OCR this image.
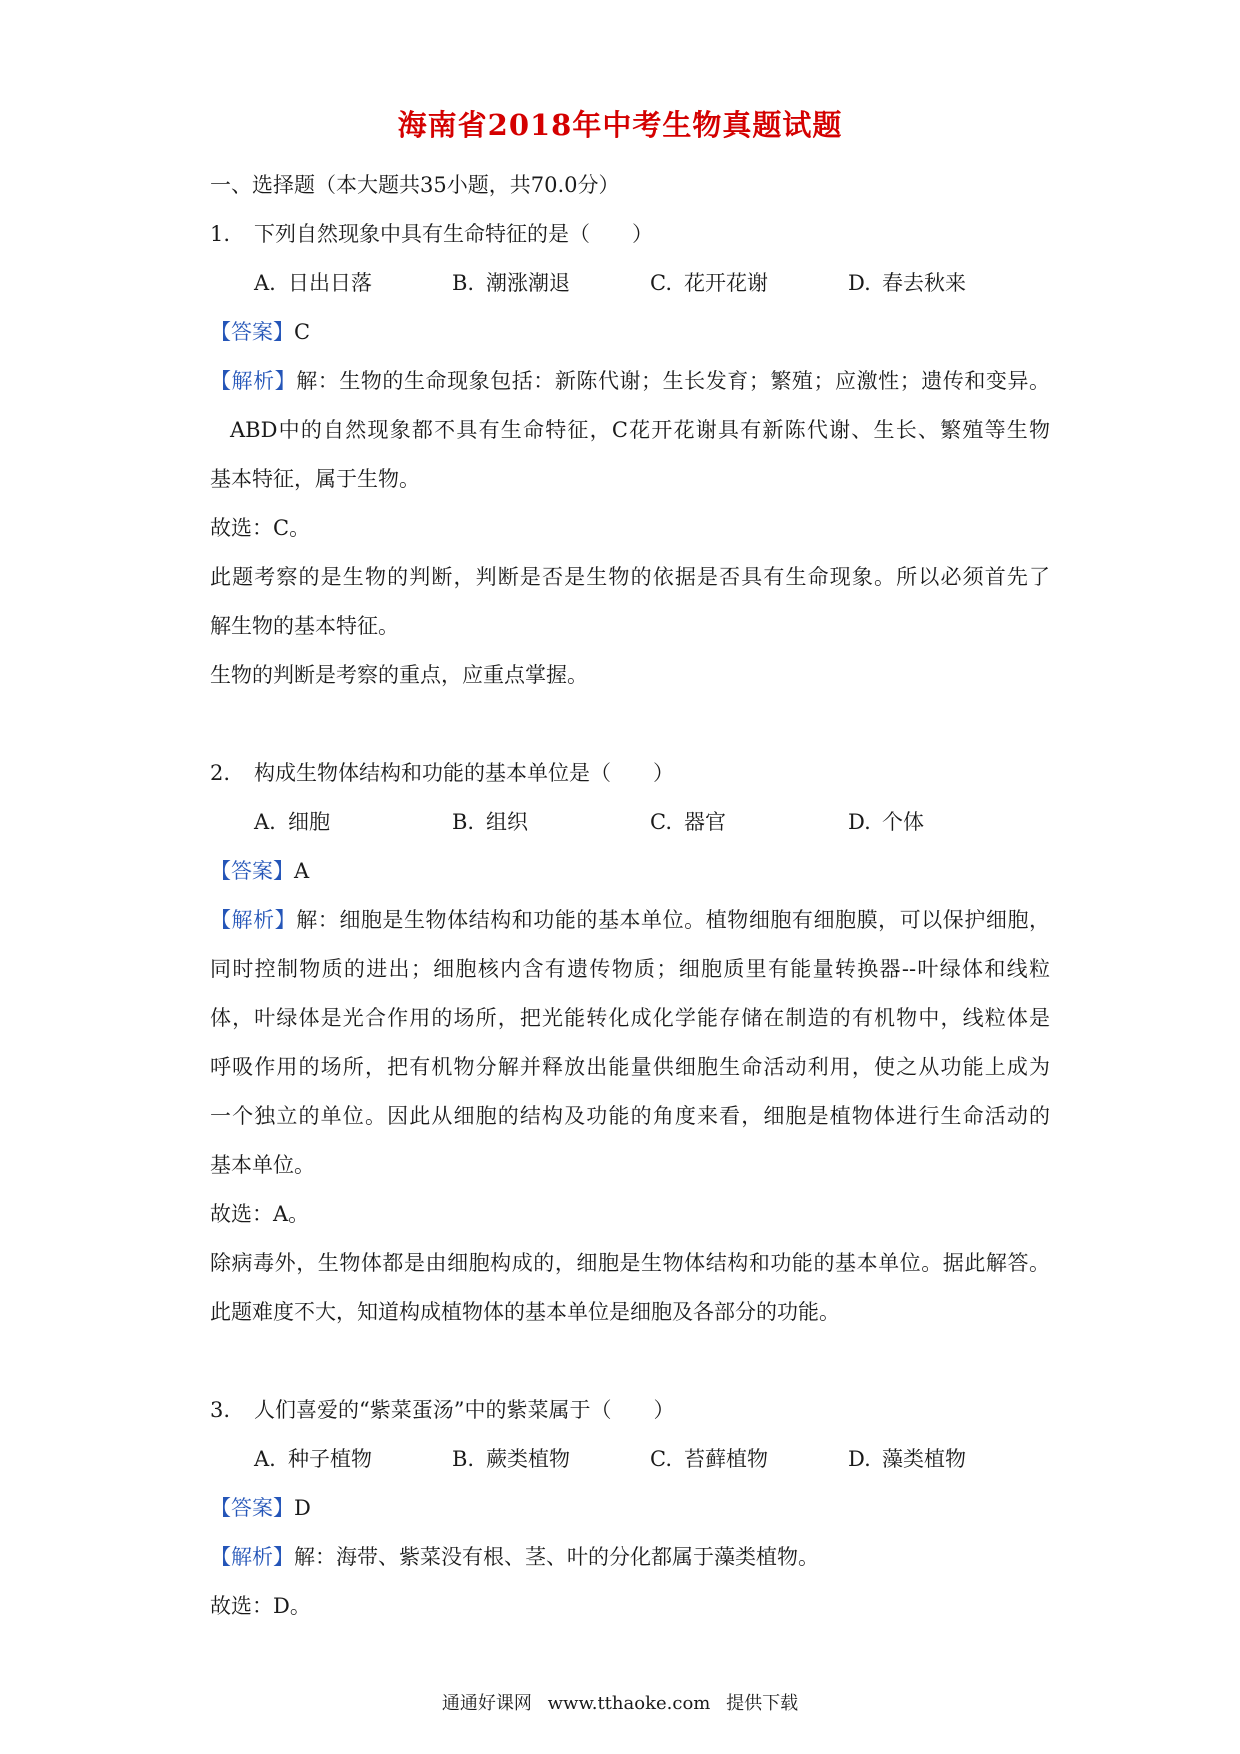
海南省2018年中考生物真题试题
一、选择题（本大题共35小题，共70.0分）
1. 下列自然现象中具有生命特征的是（　　）
A. 日出日落	B. 潮涨潮退	C. 花开花谢	D. 春去秋来
【答案】C
【解析】解：生物的生命现象包括：新陈代谢；生长发育；繁殖；应激性；遗传和变异。
ABD中的自然现象都不具有生命特征，C花开花谢具有新陈代谢、生长、繁殖等生物
基本特征，属于生物。
故选：C。
此题考察的是生物的判断，判断是否是生物的依据是否具有生命现象。所以必须首先了
解生物的基本特征。
生物的判断是考察的重点，应重点掌握。
2. 构成生物体结构和功能的基本单位是（　　）
A. 细胞	B. 组织	C. 器官	D. 个体
【答案】A
【解析】解：细胞是生物体结构和功能的基本单位。植物细胞有细胞膜，可以保护细胞，
同时控制物质的进出；细胞核内含有遗传物质；细胞质里有能量转换器--叶绿体和线粒
体，叶绿体是光合作用的场所，把光能转化成化学能存储在制造的有机物中，线粒体是
呼吸作用的场所，把有机物分解并释放出能量供细胞生命活动利用，使之从功能上成为
一个独立的单位。因此从细胞的结构及功能的角度来看，细胞是植物体进行生命活动的
基本单位。
故选：A。
除病毒外，生物体都是由细胞构成的，细胞是生物体结构和功能的基本单位。据此解答。
此题难度不大，知道构成植物体的基本单位是细胞及各部分的功能。
3. 人们喜爱的“紫菜蛋汤”中的紫菜属于（　　）
A. 种子植物	B. 蕨类植物	C. 苔藓植物	D. 藻类植物
【答案】D
【解析】解：海带、紫菜没有根、茎、叶的分化都属于藻类植物。
故选：D。
通通好课网 www.tthaoke.com 提供下载
